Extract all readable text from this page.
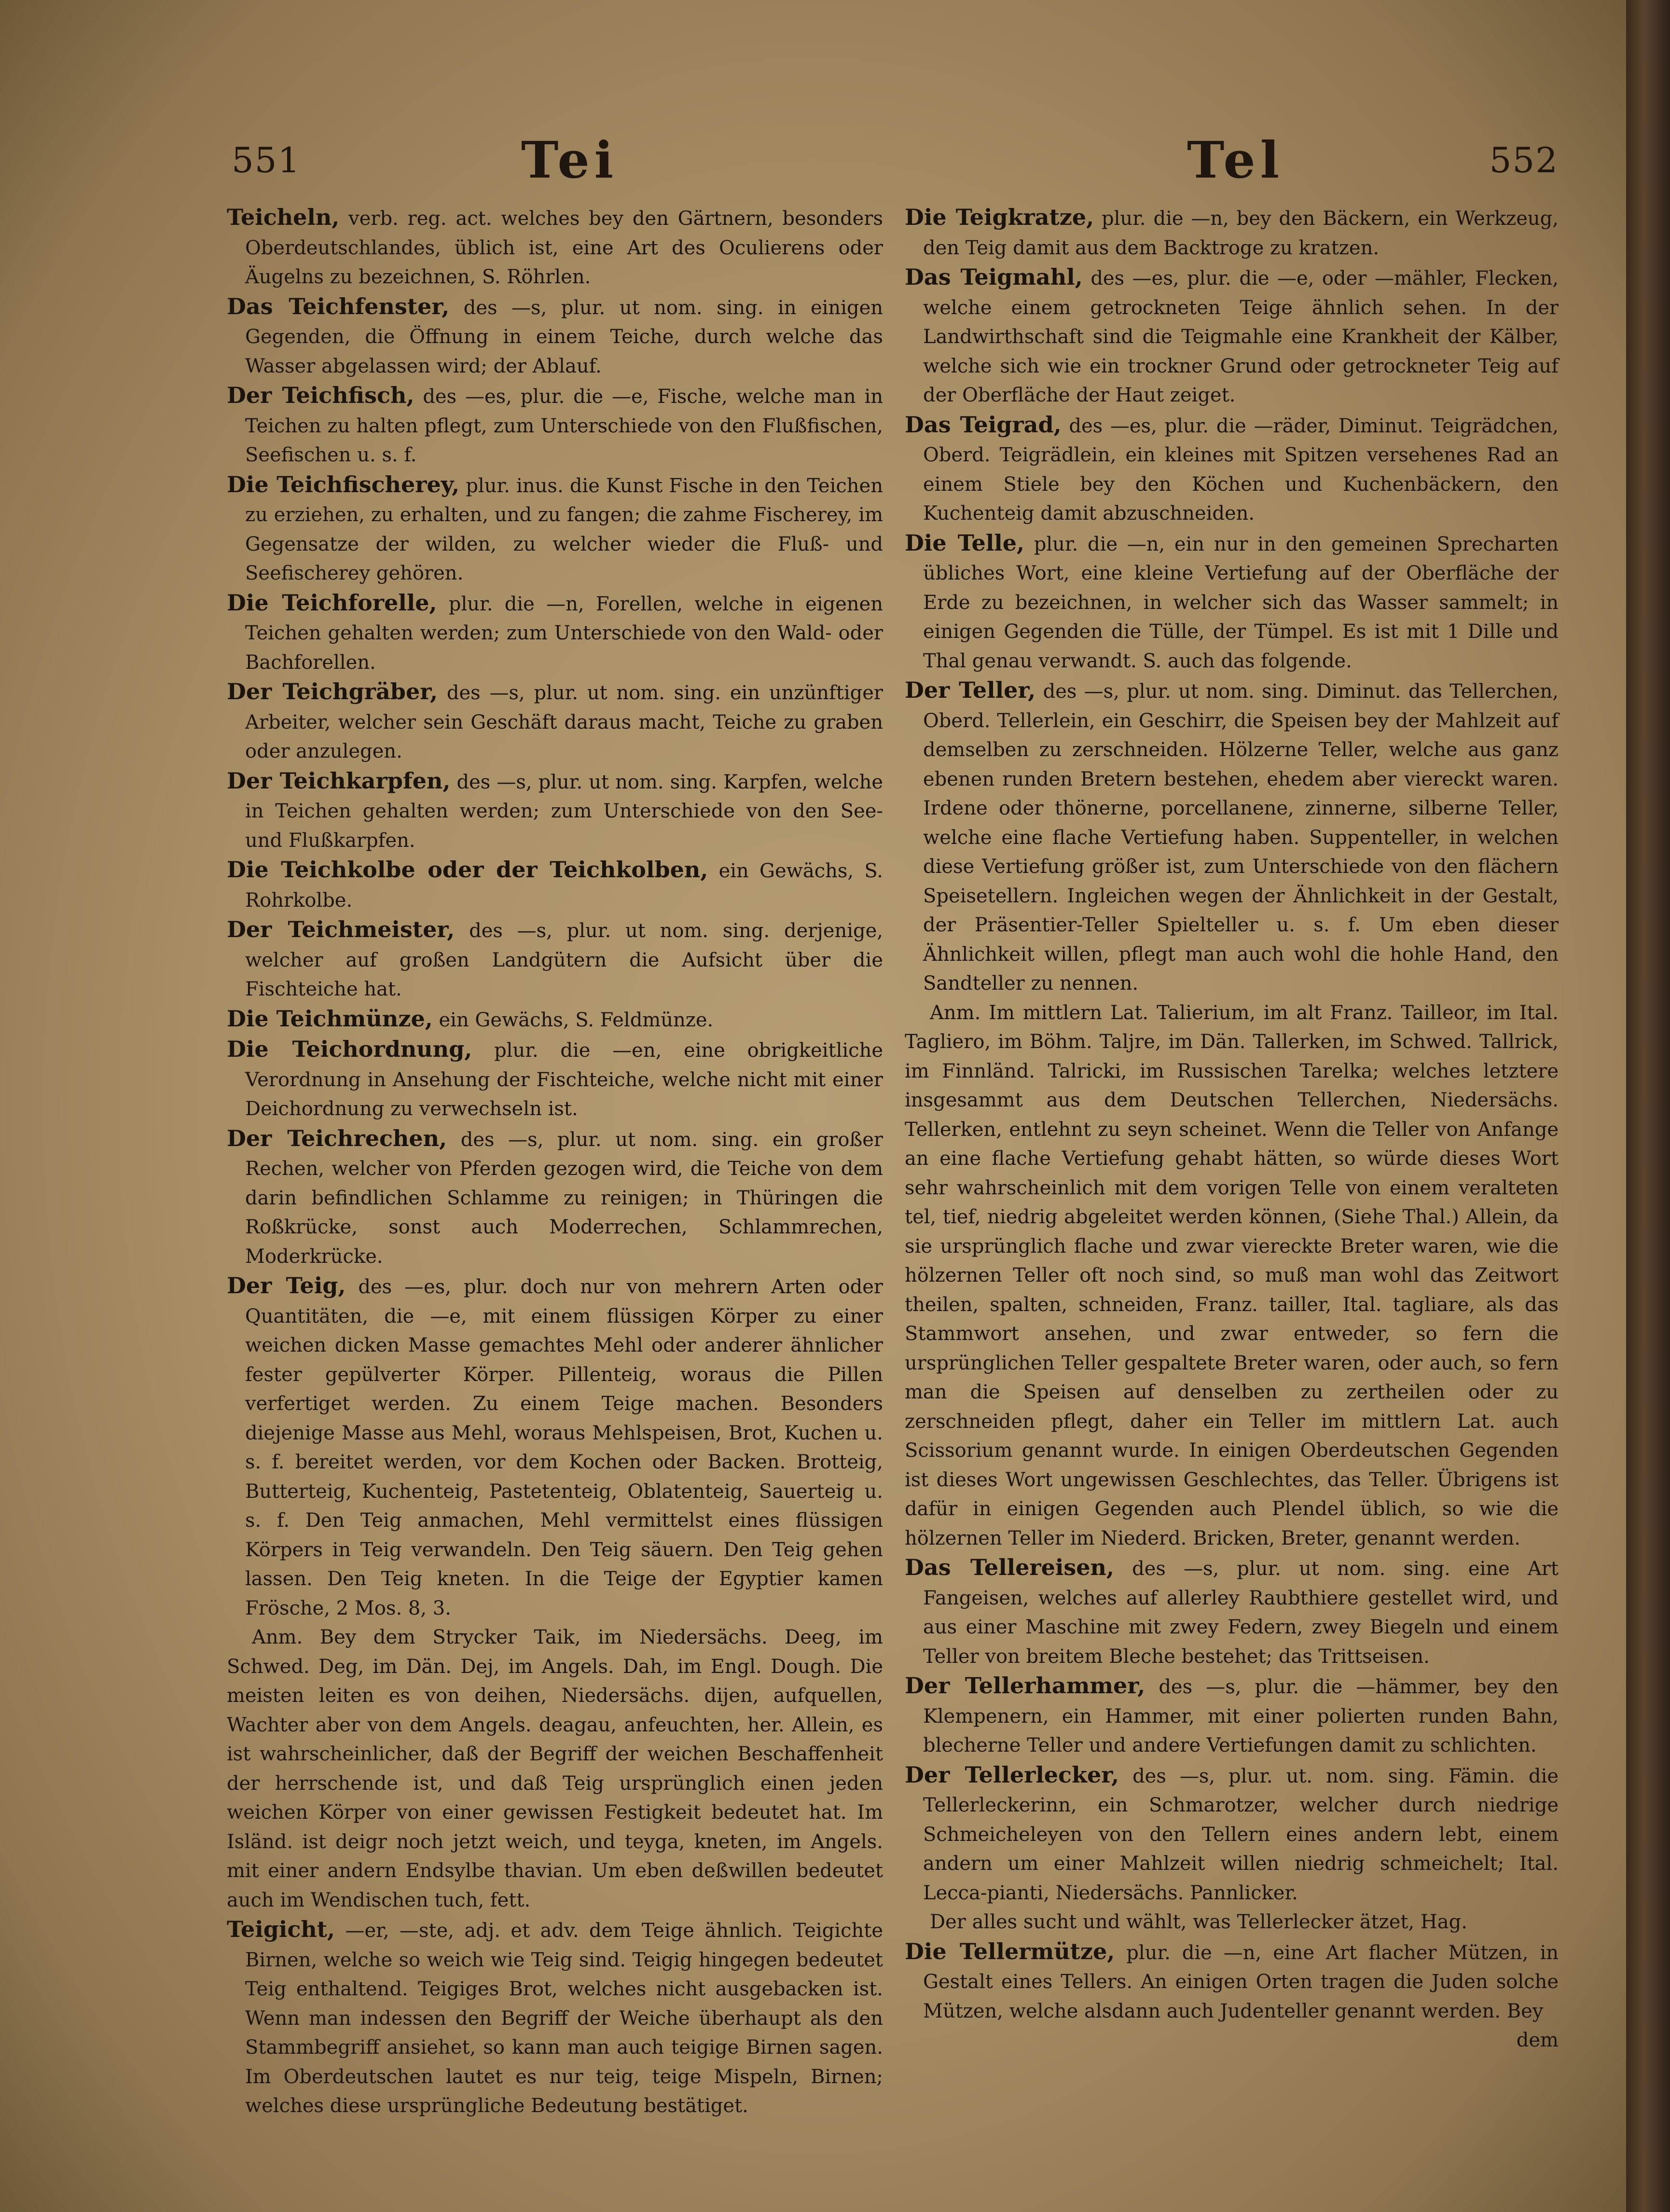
551	Tei	Tel	552

Teicheln, verb. reg. act. welches bey den Gärtnern, besonders Oberdeutschlandes, üblich ist, eine Art des Oculierens oder Äugelns zu bezeichnen, S. Röhrlen.

Das Teichfenster, des —s, plur. ut nom. sing. in einigen Gegenden, die Öffnung in einem Teiche, durch welche das Wasser abgelassen wird; der Ablauf.

Der Teichfisch, des —es, plur. die —e, Fische, welche man in Teichen zu halten pflegt, zum Unterschiede von den Flußfischen, Seefischen u. s. f.

Die Teichfischerey, plur. inus. die Kunst Fische in den Teichen zu erziehen, zu erhalten, und zu fangen; die zahme Fischerey, im Gegensatze der wilden, zu welcher wieder die Fluß- und Seefischerey gehören.

Die Teichforelle, plur. die —n, Forellen, welche in eigenen Teichen gehalten werden; zum Unterschiede von den Wald- oder Bachforellen.

Der Teichgräber, des —s, plur. ut nom. sing. ein unzünftiger Arbeiter, welcher sein Geschäft daraus macht, Teiche zu graben oder anzulegen.

Der Teichkarpfen, des —s, plur. ut nom. sing. Karpfen, welche in Teichen gehalten werden; zum Unterschiede von den See- und Flußkarpfen.

Die Teichkolbe oder der Teichkolben, ein Gewächs, S. Rohrkolbe.

Der Teichmeister, des —s, plur. ut nom. sing. derjenige, welcher auf großen Landgütern die Aufsicht über die Fischteiche hat.

Die Teichmünze, ein Gewächs, S. Feldmünze.

Die Teichordnung, plur. die —en, eine obrigkeitliche Verordnung in Ansehung der Fischteiche, welche nicht mit einer Deichordnung zu verwechseln ist.

Der Teichrechen, des —s, plur. ut nom. sing. ein großer Rechen, welcher von Pferden gezogen wird, die Teiche von dem darin befindlichen Schlamme zu reinigen; in Thüringen die Roßkrücke, sonst auch Moderrechen, Schlammrechen, Moderkrücke.

Der Teig, des —es, plur. doch nur von mehrern Arten oder Quantitäten, die —e, mit einem flüssigen Körper zu einer weichen dicken Masse gemachtes Mehl oder anderer ähnlicher fester gepülverter Körper. Pillenteig, woraus die Pillen verfertiget werden. Zu einem Teige machen. Besonders diejenige Masse aus Mehl, woraus Mehlspeisen, Brot, Kuchen u. s. f. bereitet werden, vor dem Kochen oder Backen. Brotteig, Butterteig, Kuchenteig, Pastetenteig, Oblatenteig, Sauerteig u. s. f. Den Teig anmachen, Mehl vermittelst eines flüssigen Körpers in Teig verwandeln. Den Teig säuern. Den Teig gehen lassen. Den Teig kneten. In die Teige der Egyptier kamen Frösche, 2 Mos. 8, 3.

Anm. Bey dem Strycker Taik, im Niedersächs. Deeg, im Schwed. Deg, im Dän. Dej, im Angels. Dah, im Engl. Dough. Die meisten leiten es von deihen, Niedersächs. dijen, aufquellen, Wachter aber von dem Angels. deagau, anfeuchten, her. Allein, es ist wahrscheinlicher, daß der Begriff der weichen Beschaffenheit der herrschende ist, und daß Teig ursprünglich einen jeden weichen Körper von einer gewissen Festigkeit bedeutet hat. Im Isländ. ist deigr noch jetzt weich, und teyga, kneten, im Angels. mit einer andern Endsylbe thavian. Um eben deßwillen bedeutet auch im Wendischen tuch, fett.

Teigicht, —er, —ste, adj. et adv. dem Teige ähnlich. Teigichte Birnen, welche so weich wie Teig sind. Teigig hingegen bedeutet Teig enthaltend. Teigiges Brot, welches nicht ausgebacken ist. Wenn man indessen den Begriff der Weiche überhaupt als den Stammbegriff ansiehet, so kann man auch teigige Birnen sagen. Im Oberdeutschen lautet es nur teig, teige Mispeln, Birnen; welches diese ursprüngliche Bedeutung bestätiget.

Die Teigkratze, plur. die —n, bey den Bäckern, ein Werkzeug, den Teig damit aus dem Backtroge zu kratzen.

Das Teigmahl, des —es, plur. die —e, oder —mähler, Flecken, welche einem getrockneten Teige ähnlich sehen. In der Landwirthschaft sind die Teigmahle eine Krankheit der Kälber, welche sich wie ein trockner Grund oder getrockneter Teig auf der Oberfläche der Haut zeiget.

Das Teigrad, des —es, plur. die —räder, Diminut. Teigrädchen, Oberd. Teigrädlein, ein kleines mit Spitzen versehenes Rad an einem Stiele bey den Köchen und Kuchenbäckern, den Kuchenteig damit abzuschneiden.

Die Telle, plur. die —n, ein nur in den gemeinen Sprecharten übliches Wort, eine kleine Vertiefung auf der Oberfläche der Erde zu bezeichnen, in welcher sich das Wasser sammelt; in einigen Gegenden die Tülle, der Tümpel. Es ist mit 1 Dille und Thal genau verwandt. S. auch das folgende.

Der Teller, des —s, plur. ut nom. sing. Diminut. das Tellerchen, Oberd. Tellerlein, ein Geschirr, die Speisen bey der Mahlzeit auf demselben zu zerschneiden. Hölzerne Teller, welche aus ganz ebenen runden Bretern bestehen, ehedem aber viereckt waren. Irdene oder thönerne, porcellanene, zinnerne, silberne Teller, welche eine flache Vertiefung haben. Suppenteller, in welchen diese Vertiefung größer ist, zum Unterschiede von den flächern Speisetellern. Ingleichen wegen der Ähnlichkeit in der Gestalt, der Präsentier-Teller Spielteller u. s. f. Um eben dieser Ähnlichkeit willen, pflegt man auch wohl die hohle Hand, den Sandteller zu nennen.

Anm. Im mittlern Lat. Talierium, im alt Franz. Tailleor, im Ital. Tagliero, im Böhm. Taljre, im Dän. Tallerken, im Schwed. Tallrick, im Finnländ. Talricki, im Russischen Tarelka; welches letztere insgesammt aus dem Deutschen Tellerchen, Niedersächs. Tellerken, entlehnt zu seyn scheinet. Wenn die Teller von Anfange an eine flache Vertiefung gehabt hätten, so würde dieses Wort sehr wahrscheinlich mit dem vorigen Telle von einem veralteten tel, tief, niedrig abgeleitet werden können, (Siehe Thal.) Allein, da sie ursprünglich flache und zwar viereckte Breter waren, wie die hölzernen Teller oft noch sind, so muß man wohl das Zeitwort theilen, spalten, schneiden, Franz. tailler, Ital. tagliare, als das Stammwort ansehen, und zwar entweder, so fern die ursprünglichen Teller gespaltete Breter waren, oder auch, so fern man die Speisen auf denselben zu zertheilen oder zu zerschneiden pflegt, daher ein Teller im mittlern Lat. auch Scissorium genannt wurde. In einigen Oberdeutschen Gegenden ist dieses Wort ungewissen Geschlechtes, das Teller. Übrigens ist dafür in einigen Gegenden auch Plendel üblich, so wie die hölzernen Teller im Niederd. Bricken, Breter, genannt werden.

Das Tellereisen, des —s, plur. ut nom. sing. eine Art Fangeisen, welches auf allerley Raubthiere gestellet wird, und aus einer Maschine mit zwey Federn, zwey Biegeln und einem Teller von breitem Bleche bestehet; das Trittseisen.

Der Tellerhammer, des —s, plur. die —hämmer, bey den Klempenern, ein Hammer, mit einer polierten runden Bahn, blecherne Teller und andere Vertiefungen damit zu schlichten.

Der Tellerlecker, des —s, plur. ut. nom. sing. Fämin. die Tellerleckerinn, ein Schmarotzer, welcher durch niedrige Schmeicheleyen von den Tellern eines andern lebt, einem andern um einer Mahlzeit willen niedrig schmeichelt; Ital. Lecca-pianti, Niedersächs. Pannlicker.

Der alles sucht und wählt, was Tellerlecker ätzet, Hag.

Die Tellermütze, plur. die —n, eine Art flacher Mützen, in Gestalt eines Tellers. An einigen Orten tragen die Juden solche Mützen, welche alsdann auch Judenteller genannt werden. Bey

dem
